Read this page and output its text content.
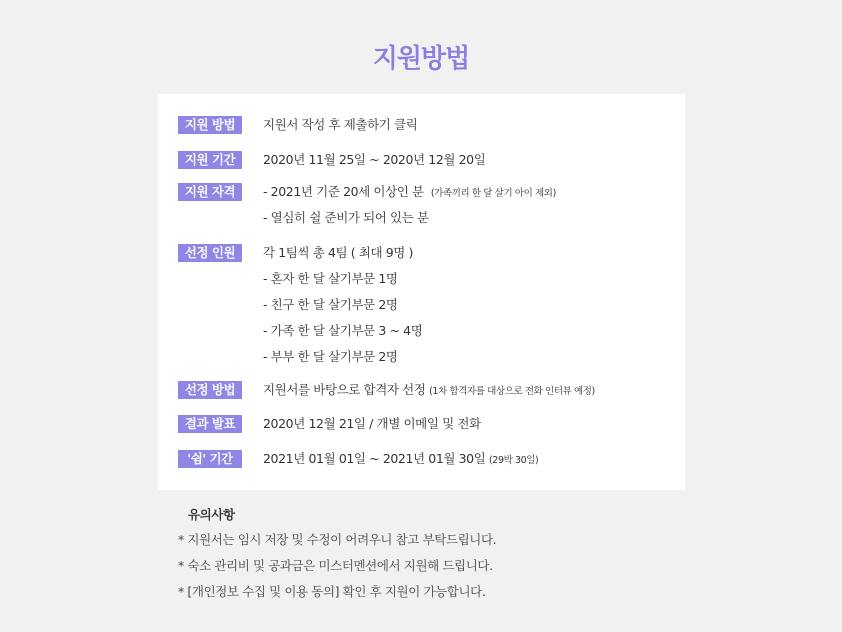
지원방법
지원 방법	지원서 작성 후 제출하기 클릭
지원 기간	2020년 11월 25일 ~ 2020년 12월 20일
지원 자격	- 2021년 기준 20세 이상인 분 (가족끼리 한 달 살기 아이 제외)
- 열심히 쉴 준비가 되어 있는 분
선정 인원	각 1팀씩 총 4팀 ( 최대 9명 )
- 혼자 한 달 살기부문 1명
- 친구 한 달 살기부문 2명
- 가족 한 달 살기부문 3 ~ 4명
- 부부 한 달 살기부문 2명
선정 방법	지원서를 바탕으로 합격자 선정 (1차 합격자를 대상으로 전화 인터뷰 예정)
결과 발표	2020년 12월 21일 / 개별 이메일 및 전화
'쉼' 기간	2021년 01월 01일 ~ 2021년 01월 30일 (29박 30일)
유의사항
* 지원서는 임시 저장 및 수정이 어려우니 참고 부탁드립니다.
* 숙소 관리비 및 공과금은 미스터멘션에서 지원해 드립니다.
* [개인정보 수집 및 이용 동의] 확인 후 지원이 가능합니다.
